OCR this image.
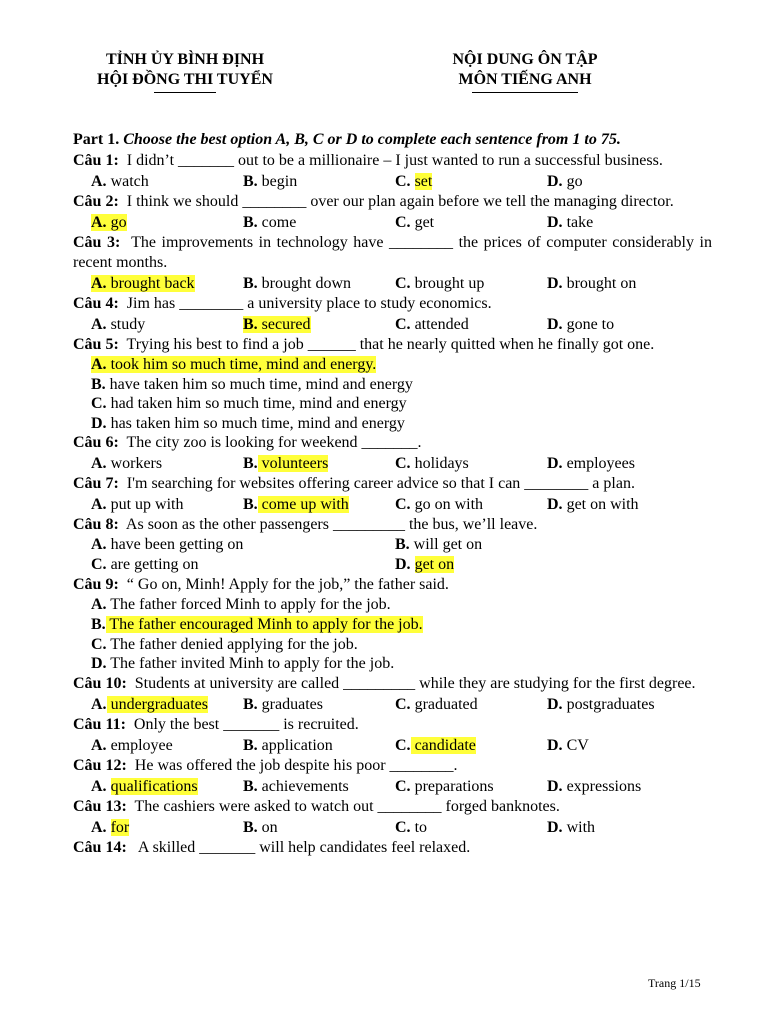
TỈNH ỦY BÌNH ĐỊNH
HỘI ĐỒNG THI TUYỂN
NỘI DUNG ÔN TẬP
MÔN TIẾNG ANH
Part 1. Choose the best option A, B, C or D to complete each sentence from 1 to 75.
Câu 1: I didn’t _______ out to be a millionaire – I just wanted to run a successful business.
A. watch	B. begin	C. set	D. go
Câu 2: I think we should ________ over our plan again before we tell the managing director.
A. go	B. come	C. get	D. take
Câu 3: The improvements in technology have ________ the prices of computer considerably in recent months.
A. brought back	B. brought down	C. brought up	D. brought on
Câu 4: Jim has ________ a university place to study economics.
A. study	B. secured	C. attended	D. gone to
Câu 5: Trying his best to find a job ______ that he nearly quitted when he finally got one.
A. took him so much time, mind and energy.
B. have taken him so much time, mind and energy
C. had taken him so much time, mind and energy
D. has taken him so much time, mind and energy
Câu 6: The city zoo is looking for weekend _______.
A. workers	B. volunteers	C. holidays	D. employees
Câu 7: I'm searching for websites offering career advice so that I can ________ a plan.
A. put up with	B. come up with	C. go on with	D. get on with
Câu 8: As soon as the other passengers _________ the bus, we’ll leave.
A. have been getting on	B. will get on
C. are getting on	D. get on
Câu 9: “ Go on, Minh! Apply for the job,” the father said.
A. The father forced Minh to apply for the job.
B. The father encouraged Minh to apply for the job.
C. The father denied applying for the job.
D. The father invited Minh to apply for the job.
Câu 10: Students at university are called _________ while they are studying for the first degree.
A. undergraduates B. graduates	C. graduated	D. postgraduates
Câu 11: Only the best _______ is recruited.
A. employee	B. application	C. candidate	D. CV
Câu 12: He was offered the job despite his poor ________.
A. qualifications	B. achievements	C. preparations	D. expressions
Câu 13: The cashiers were asked to watch out ________ forged banknotes.
A. for	B. on	C. to	D. with
Câu 14: A skilled _______ will help candidates feel relaxed.
Trang 1/15
